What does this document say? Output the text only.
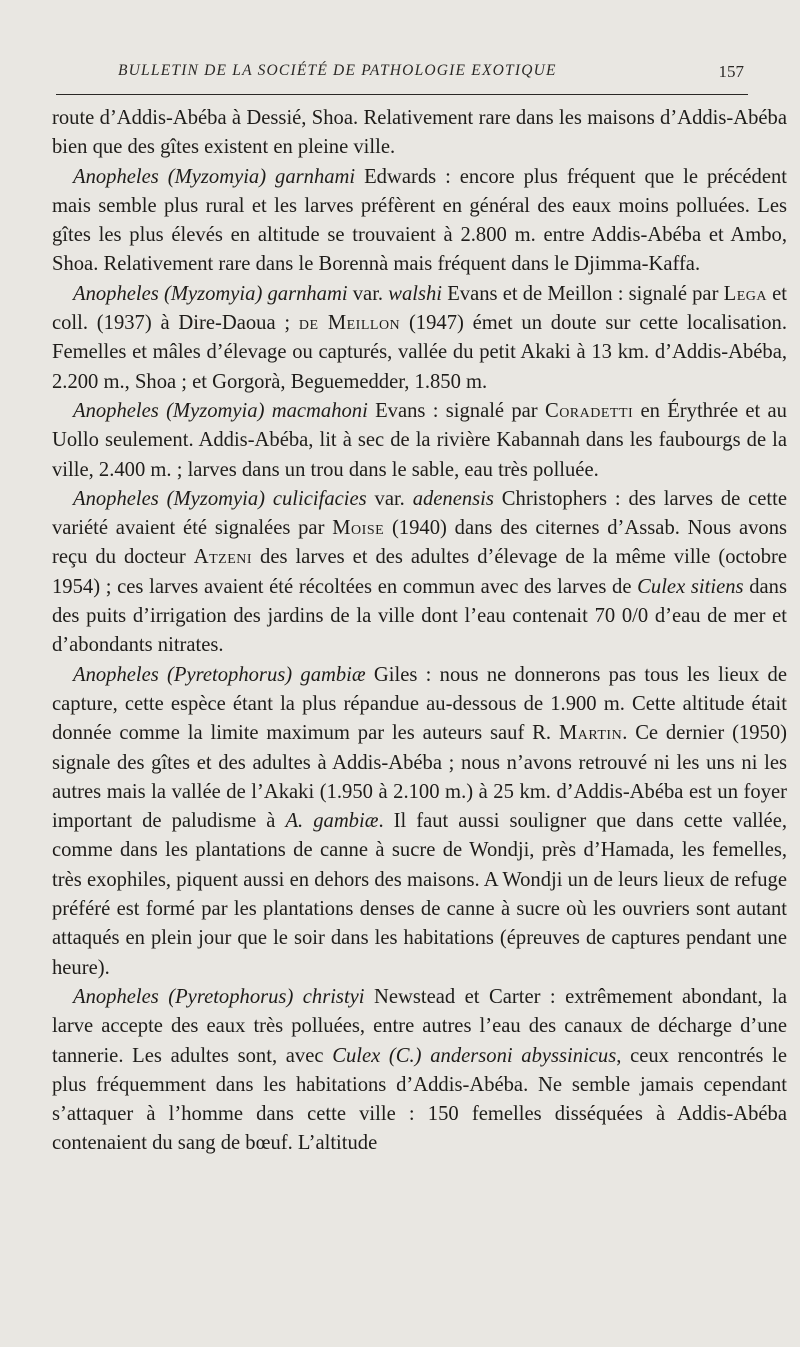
BULLETIN DE LA SOCIÉTÉ DE PATHOLOGIE EXOTIQUE	157

route d’Addis-Abéba à Dessié, Shoa. Relativement rare dans les maisons d’Addis-Abéba bien que des gîtes existent en pleine ville.

Anopheles (Myzomyia) garnhami Edwards : encore plus fréquent que le précédent mais semble plus rural et les larves préfèrent en général des eaux moins polluées. Les gîtes les plus élevés en altitude se trouvaient à 2.800 m. entre Addis-Abéba et Ambo, Shoa. Relativement rare dans le Borennà mais fréquent dans le Djimma-Kaffa.

Anopheles (Myzomyia) garnhami var. walshi Evans et de Meillon : signalé par Lega et coll. (1937) à Dire-Daoua ; de Meillon (1947) émet un doute sur cette localisation. Femelles et mâles d’élevage ou capturés, vallée du petit Akaki à 13 km. d’Addis-Abéba, 2.200 m., Shoa ; et Gorgorà, Beguemedder, 1.850 m.

Anopheles (Myzomyia) macmahoni Evans : signalé par Coradetti en Érythrée et au Uollo seulement. Addis-Abéba, lit à sec de la rivière Kabannah dans les faubourgs de la ville, 2.400 m. ; larves dans un trou dans le sable, eau très polluée.

Anopheles (Myzomyia) culicifacies var. adenensis Christophers : des larves de cette variété avaient été signalées par Moise (1940) dans des citernes d’Assab. Nous avons reçu du docteur Atzeni des larves et des adultes d’élevage de la même ville (octobre 1954) ; ces larves avaient été récoltées en commun avec des larves de Culex sitiens dans des puits d’irrigation des jardins de la ville dont l’eau contenait 70 0/0 d’eau de mer et d’abondants nitrates.

Anopheles (Pyretophorus) gambiæ Giles : nous ne donnerons pas tous les lieux de capture, cette espèce étant la plus répandue au-dessous de 1.900 m. Cette altitude était donnée comme la limite maximum par les auteurs sauf R. Martin. Ce dernier (1950) signale des gîtes et des adultes à Addis-Abéba ; nous n’avons retrouvé ni les uns ni les autres mais la vallée de l’Akaki (1.950 à 2.100 m.) à 25 km. d’Addis-Abéba est un foyer important de paludisme à A. gambiæ. Il faut aussi souligner que dans cette vallée, comme dans les plantations de canne à sucre de Wondji, près d’Hamada, les femelles, très exophiles, piquent aussi en dehors des maisons. A Wondji un de leurs lieux de refuge préféré est formé par les plantations denses de canne à sucre où les ouvriers sont autant attaqués en plein jour que le soir dans les habitations (épreuves de captures pendant une heure).

Anopheles (Pyretophorus) christyi Newstead et Carter : extrêmement abondant, la larve accepte des eaux très polluées, entre autres l’eau des canaux de décharge d’une tannerie. Les adultes sont, avec Culex (C.) andersoni abyssinicus, ceux rencontrés le plus fréquemment dans les habitations d’Addis-Abéba. Ne semble jamais cependant s’attaquer à l’homme dans cette ville : 150 femelles disséquées à Addis-Abéba contenaient du sang de bœuf. L’altitude
